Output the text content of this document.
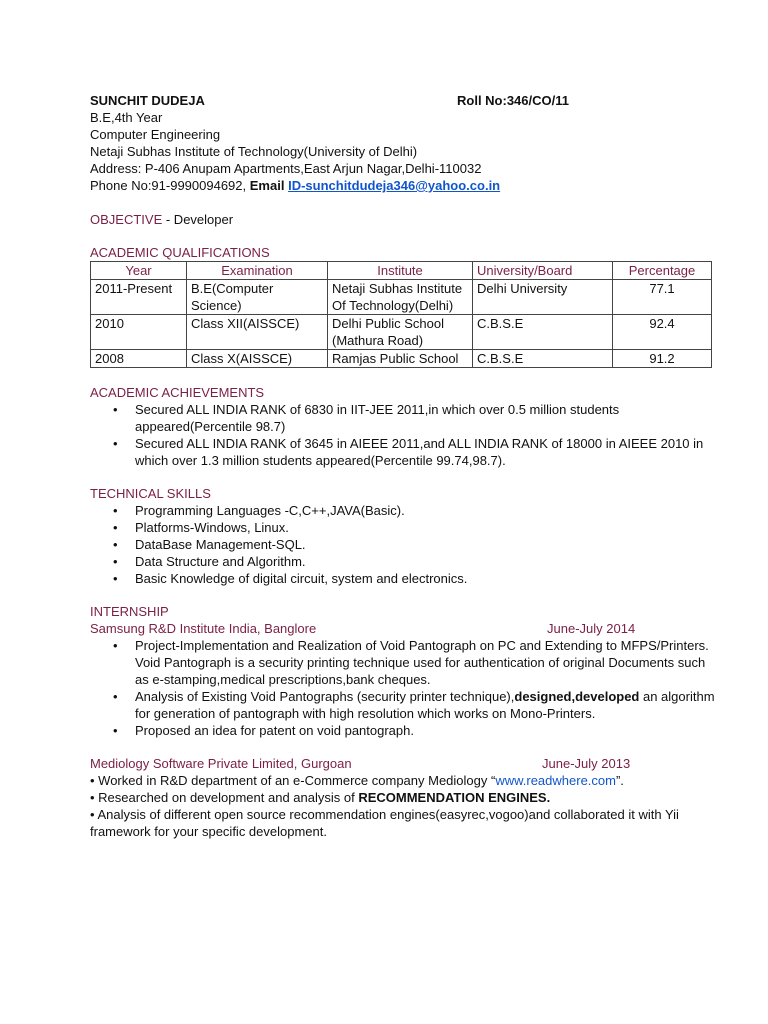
SUNCHIT DUDEJA	Roll No:346/CO/11
B.E,4th Year
Computer Engineering
Netaji Subhas Institute of Technology(University of Delhi)
Address: P-406 Anupam Apartments,East Arjun Nagar,Delhi-110032
Phone No:91-9990094692, Email ID-sunchitdudeja346@yahoo.co.in
OBJECTIVE - Developer
ACADEMIC QUALIFICATIONS
Year	Examination	Institute	University/Board	Percentage
2011-Present	B.E(Computer Science)	Netaji Subhas Institute Of Technology(Delhi)	Delhi University	77.1
2010	Class XII(AISSCE)	Delhi Public School (Mathura Road)	C.B.S.E	92.4
2008	Class X(AISSCE)	Ramjas Public School	C.B.S.E	91.2
ACADEMIC ACHIEVEMENTS
• Secured ALL INDIA RANK of 6830 in IIT-JEE 2011,in which over 0.5 million students appeared(Percentile 98.7)
• Secured ALL INDIA RANK of 3645 in AIEEE 2011,and ALL INDIA RANK of 18000 in AIEEE 2010 in which over 1.3 million students appeared(Percentile 99.74,98.7).
TECHNICAL SKILLS
• Programming Languages -C,C++,JAVA(Basic).
• Platforms-Windows, Linux.
• DataBase Management-SQL.
• Data Structure and Algorithm.
• Basic Knowledge of digital circuit, system and electronics.
INTERNSHIP
Samsung R&D Institute India, Banglore	June-July 2014
• Project-Implementation and Realization of Void Pantograph on PC and Extending to MFPS/Printers. Void Pantograph is a security printing technique used for authentication of original Documents such as e-stamping,medical prescriptions,bank cheques.
• Analysis of Existing Void Pantographs (security printer technique),designed,developed an algorithm for generation of pantograph with high resolution which works on Mono-Printers.
• Proposed an idea for patent on void pantograph.
Mediology Software Private Limited, Gurgoan	June-July 2013
• Worked in R&D department of an e-Commerce company Mediology “www.readwhere.com”.
• Researched on development and analysis of RECOMMENDATION ENGINES.
• Analysis of different open source recommendation engines(easyrec,vogoo)and collaborated it with Yii framework for your specific development.
